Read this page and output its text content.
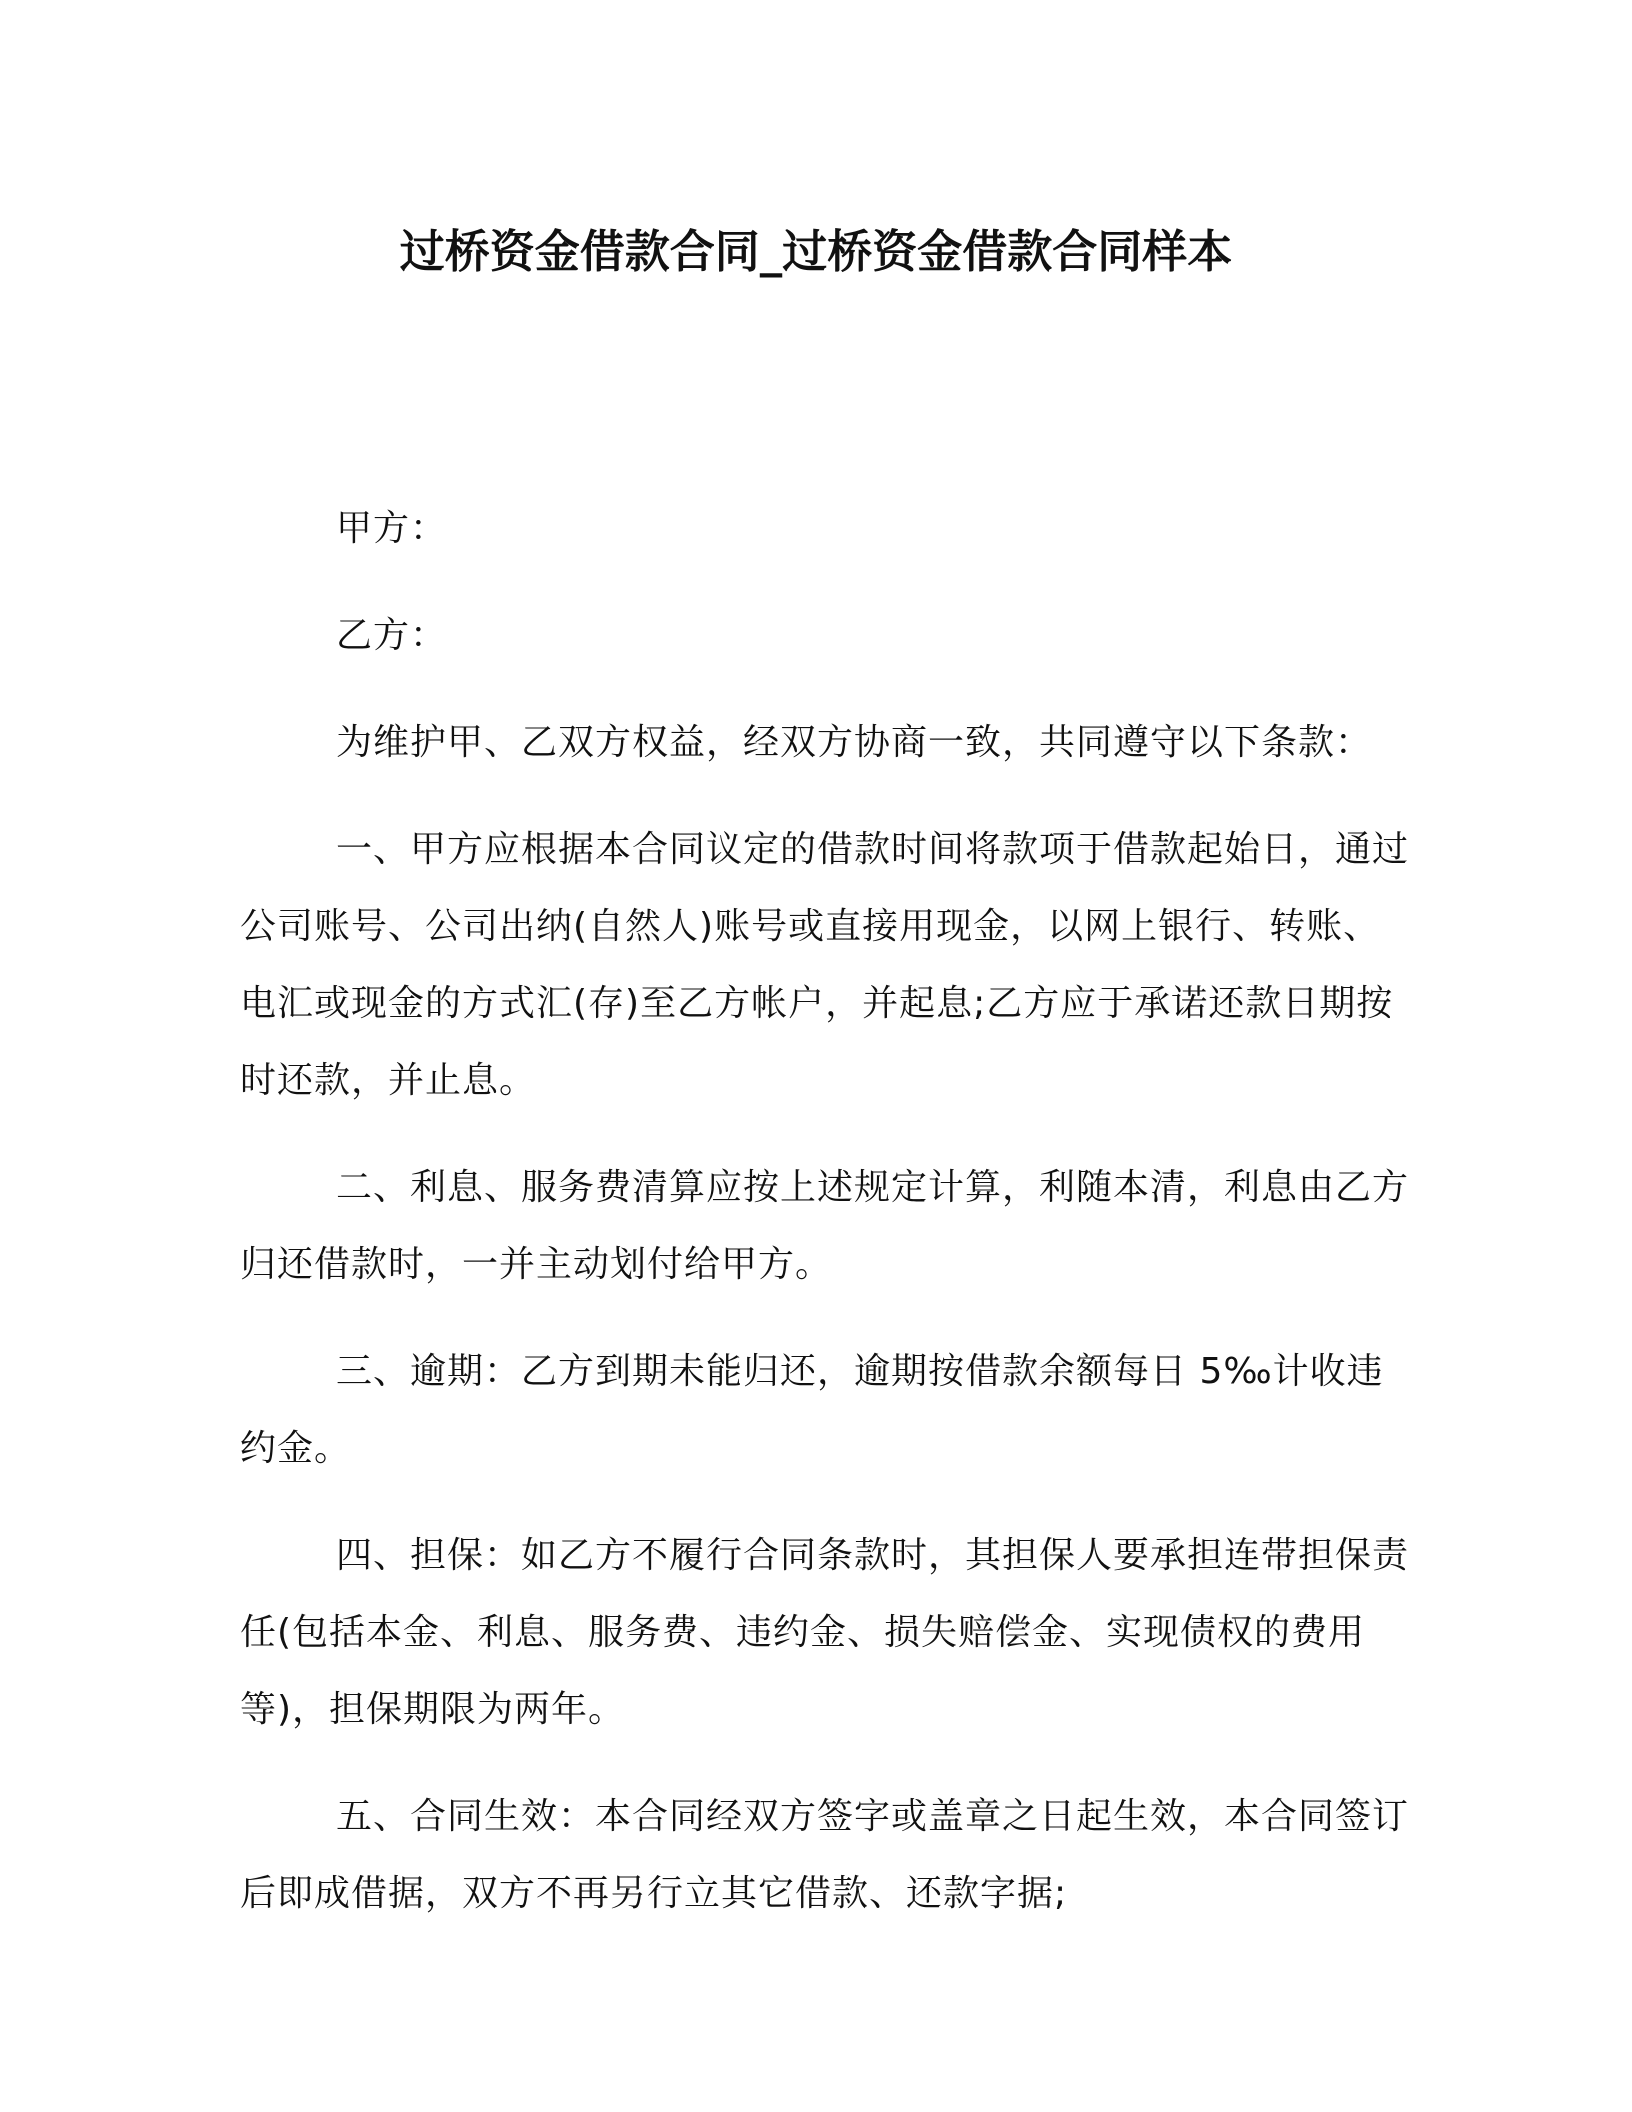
过桥资金借款合同_过桥资金借款合同样本

甲方：

乙方：

为维护甲、乙双方权益，经双方协商一致，共同遵守以下条款：

一、甲方应根据本合同议定的借款时间将款项于借款起始日，通过公司账号、公司出纳(自然人)账号或直接用现金，以网上银行、转账、电汇或现金的方式汇(存)至乙方帐户，并起息;乙方应于承诺还款日期按时还款，并止息。

二、利息、服务费清算应按上述规定计算，利随本清，利息由乙方归还借款时，一并主动划付给甲方。

三、逾期：乙方到期未能归还，逾期按借款余额每日 5‰计收违约金。

四、担保：如乙方不履行合同条款时，其担保人要承担连带担保责任(包括本金、利息、服务费、违约金、损失赔偿金、实现债权的费用等)，担保期限为两年。

五、合同生效：本合同经双方签字或盖章之日起生效，本合同签订后即成借据，双方不再另行立其它借款、还款字据;
